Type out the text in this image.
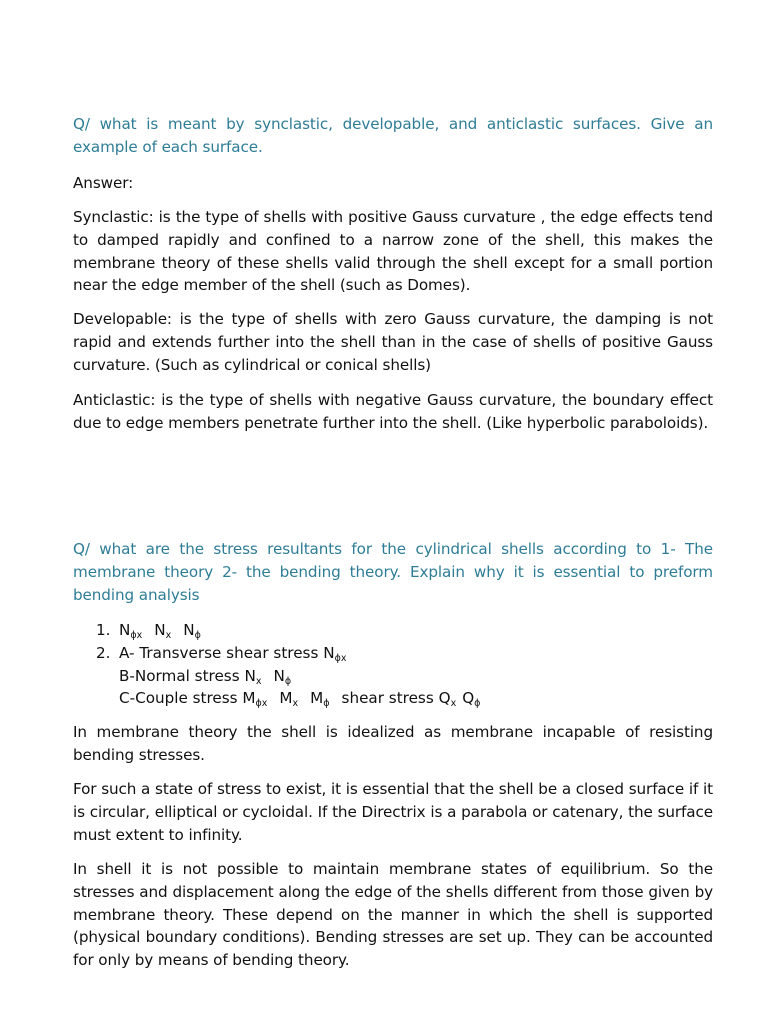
Q/ what is meant by synclastic, developable, and anticlastic surfaces. Give an example of each surface.

Answer:

Synclastic: is the type of shells with positive Gauss curvature , the edge effects tend to damped rapidly and confined to a narrow zone of the shell, this makes the membrane theory of these shells valid through the shell except for a small portion near the edge member of the shell (such as Domes).

Developable: is the type of shells with zero Gauss curvature, the damping is not rapid and extends further into the shell than in the case of shells of positive Gauss curvature. (Such as cylindrical or conical shells)

Anticlastic: is the type of shells with negative Gauss curvature, the boundary effect due to edge members penetrate further into the shell. (Like hyperbolic paraboloids).

Q/ what are the stress resultants for the cylindrical shells according to 1- The membrane theory 2- the bending theory. Explain why it is essential to preform bending analysis

1. $N_{\phi x}$ $N_x$ $N_\phi$
2. A- Transverse shear stress $N_{\phi x}$
B-Normal stress $N_x$ $N_\phi$
C-Couple stress $M_{\phi x}$ $M_x$ $M_\phi$ shear stress $Q_x$ $Q_\phi$

In membrane theory the shell is idealized as membrane incapable of resisting bending stresses.

For such a state of stress to exist, it is essential that the shell be a closed surface if it is circular, elliptical or cycloidal. If the Directrix is a parabola or catenary, the surface must extent to infinity.

In shell it is not possible to maintain membrane states of equilibrium. So the stresses and displacement along the edge of the shells different from those given by membrane theory. These depend on the manner in which the shell is supported (physical boundary conditions). Bending stresses are set up. They can be accounted for only by means of bending theory.
